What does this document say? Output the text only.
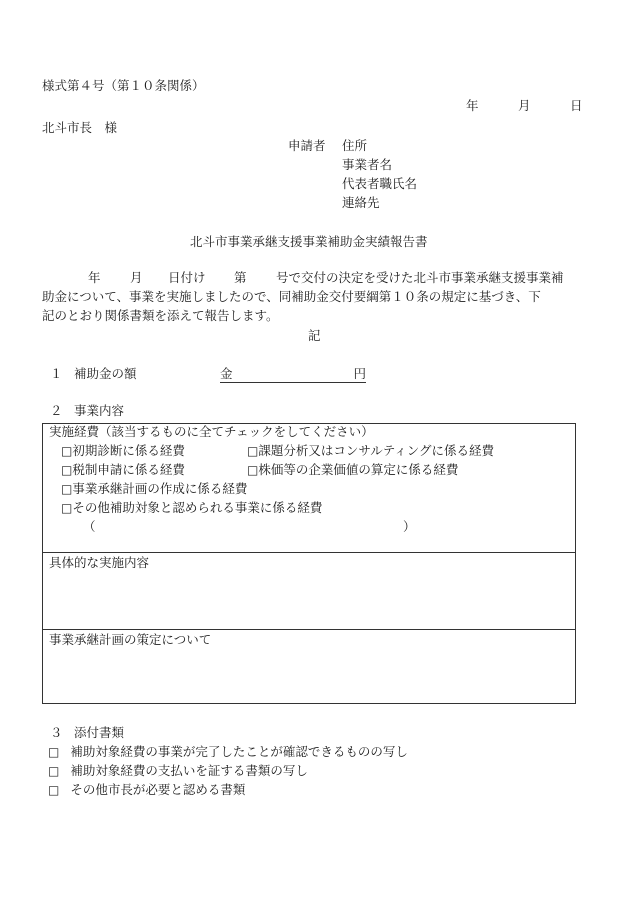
様式第４号（第１０条関係）
年	月	日
北斗市長　様
申請者 住所
事業者名
代表者職氏名
連絡先
北斗市事業承継支援事業補助金実績報告書
年 月 日付け 第 号で交付の決定を受けた北斗市事業承継支援事業補
助金について、事業を実施しましたので、同補助金交付要綱第１０条の規定に基づき、下
記のとおり関係書類を添えて報告します。
記
１ 補助金の額	金	円
２ 事業内容
実施経費（該当するものに全てチェックをしてください）
□初期診断に係る経費	□課題分析又はコンサルティングに係る経費
□税制申請に係る経費	□株価等の企業価値の算定に係る経費
□事業承継計画の作成に係る経費
□その他補助対象と認められる事業に係る経費
（	）
具体的な実施内容
事業承継計画の策定について
３ 添付書類
□ 補助対象経費の事業が完了したことが確認できるものの写し
□ 補助対象経費の支払いを証する書類の写し
□ その他市長が必要と認める書類
